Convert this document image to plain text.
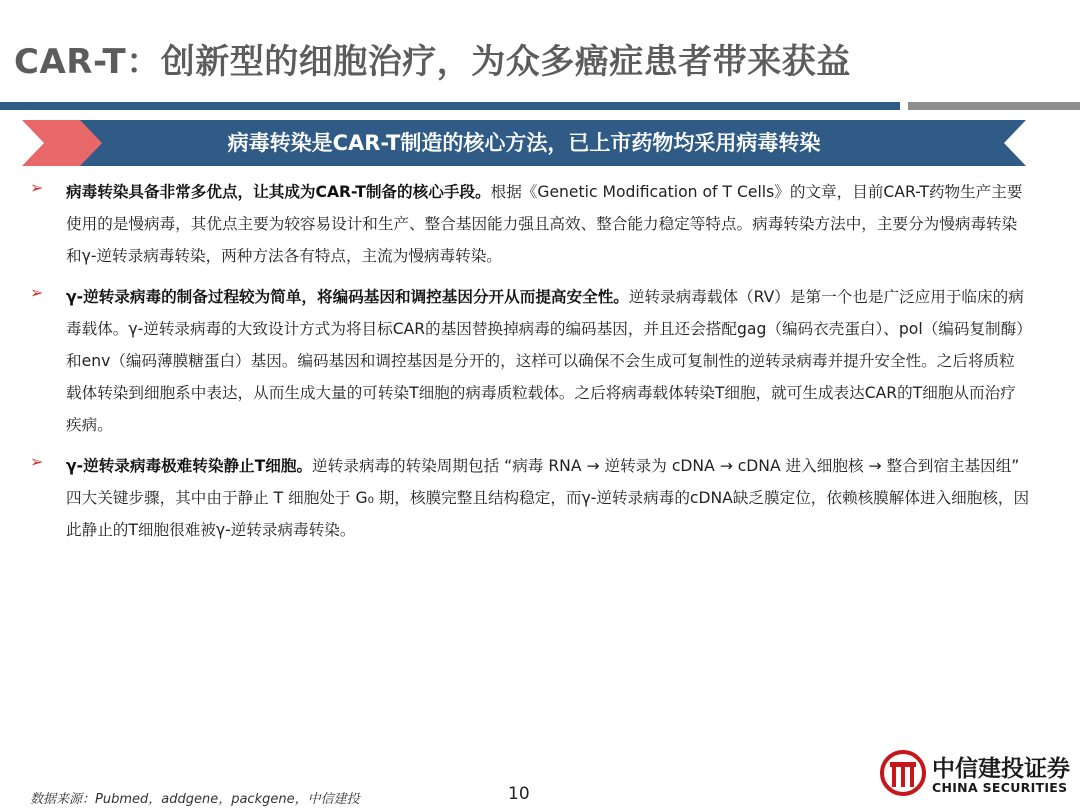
CAR-T：创新型的细胞治疗，为众多癌症患者带来获益
病毒转染是CAR-T制造的核心方法，已上市药物均采用病毒转染
➢ 病毒转染具备非常多优点，让其成为CAR-T制备的核心手段。根据《Genetic Modification of T Cells》的文章，目前CAR-T药物生产主要使用的是慢病毒，其优点主要为较容易设计和生产、整合基因能力强且高效、整合能力稳定等特点。病毒转染方法中，主要分为慢病毒转染和γ-逆转录病毒转染，两种方法各有特点，主流为慢病毒转染。
➢ γ-逆转录病毒的制备过程较为简单，将编码基因和调控基因分开从而提高安全性。逆转录病毒载体（RV）是第一个也是广泛应用于临床的病毒载体。γ-逆转录病毒的大致设计方式为将目标CAR的基因替换掉病毒的编码基因，并且还会搭配gag（编码衣壳蛋白）、pol（编码复制酶）和env（编码薄膜糖蛋白）基因。编码基因和调控基因是分开的，这样可以确保不会生成可复制性的逆转录病毒并提升安全性。之后将质粒载体转染到细胞系中表达，从而生成大量的可转染T细胞的病毒质粒载体。之后将病毒载体转染T细胞，就可生成表达CAR的T细胞从而治疗疾病。
➢ γ-逆转录病毒极难转染静止T细胞。逆转录病毒的转染周期包括 “病毒 RNA → 逆转录为 cDNA → cDNA 进入细胞核 → 整合到宿主基因组” 四大关键步骤，其中由于静止 T 细胞处于 G₀ 期，核膜完整且结构稳定，而γ-逆转录病毒的cDNA缺乏膜定位，依赖核膜解体进入细胞核，因此静止的T细胞很难被γ-逆转录病毒转染。
数据来源：Pubmed，addgene，packgene，中信建投	10
中信建投证券
CHINA SECURITIES
